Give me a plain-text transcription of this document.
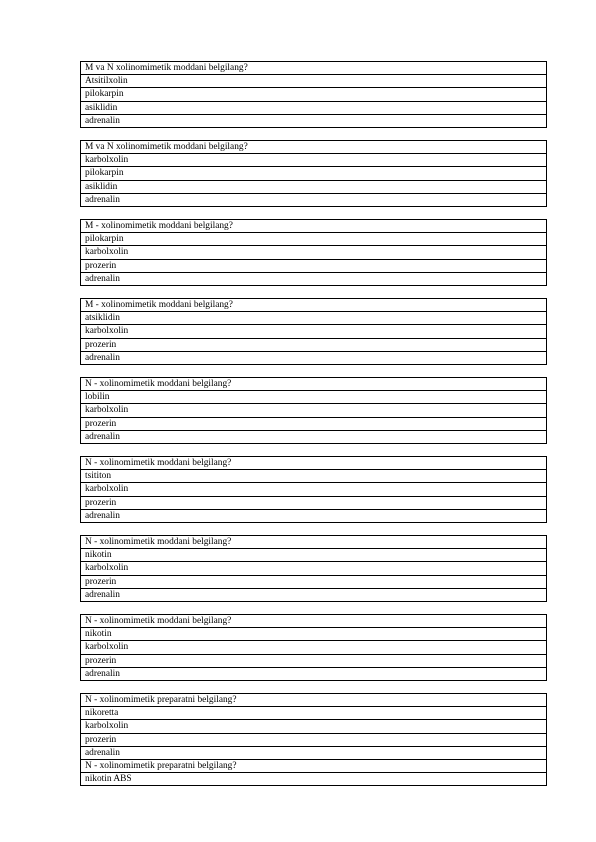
M va N xolinomimetik moddani belgilang?
Atsitilxolin
pilokarpin
asiklidin
adrenalin
M va N xolinomimetik moddani belgilang?
karbolxolin
pilokarpin
asiklidin
adrenalin
M - xolinomimetik moddani belgilang?
pilokarpin
karbolxolin
prozerin
adrenalin
M - xolinomimetik moddani belgilang?
atsiklidin
karbolxolin
prozerin
adrenalin
N - xolinomimetik moddani belgilang?
lobilin
karbolxolin
prozerin
adrenalin
N - xolinomimetik moddani belgilang?
tsititon
karbolxolin
prozerin
adrenalin
N - xolinomimetik moddani belgilang?
nikotin
karbolxolin
prozerin
adrenalin
N - xolinomimetik moddani belgilang?
nikotin
karbolxolin
prozerin
adrenalin
N - xolinomimetik preparatni belgilang?
nikoretta
karbolxolin
prozerin
adrenalin
N - xolinomimetik preparatni belgilang?
nikotin ABS
